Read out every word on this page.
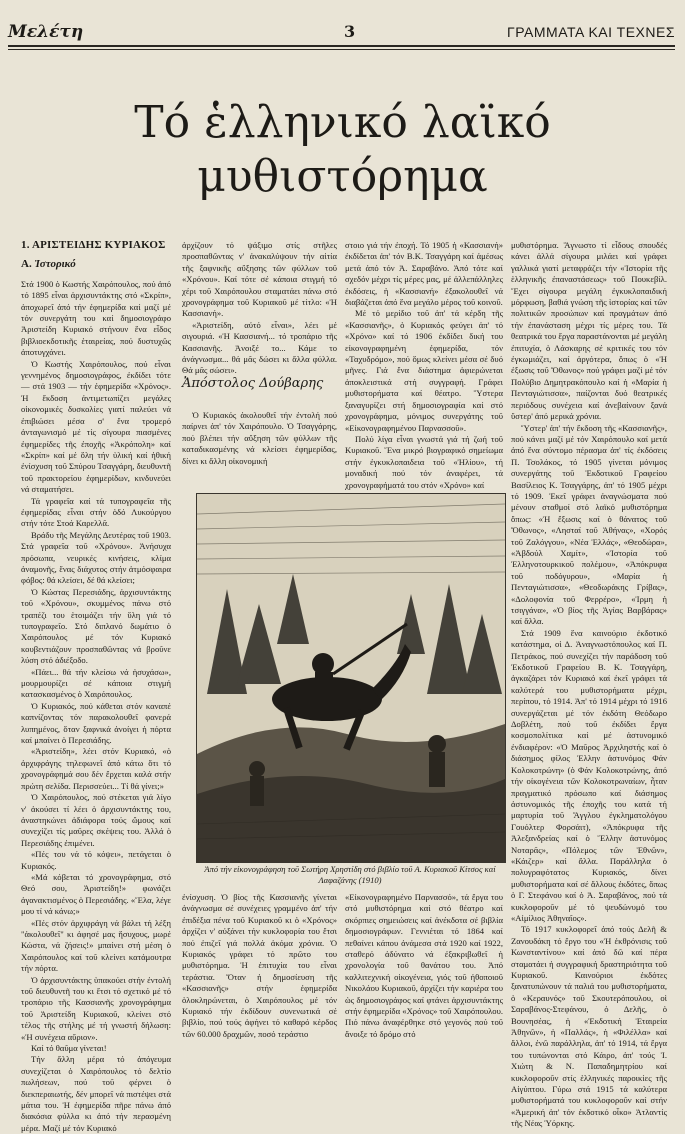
Μελέτη	3	ΓΡΑΜΜΑΤΑ ΚΑΙ ΤΕΧΝΕΣ
Τό ἑλληνικό λαϊκό
μυθιστόρημα
1. ΑΡΙΣΤΕΙΔΗΣ ΚΥΡΙΑΚΟΣ
Α. Ἱστορικό

Στά 1900 ὁ Κωστής Χαιρόπουλος, πού ἀπό τό 1895 εἶναι ἀρχισυντάκτης στό «Σκρίπ», ἀποχωρεῖ ἀπό τήν ἐφημερίδα καί μαζί μέ τόν συνεργάτη του καί δημοσιογράφο Ἀριστείδη Κυριακό στήνουν ἕνα εἶδος βιβλιοεκδοτικῆς ἑταιρείας, πού δυστυχῶς ἀποτυγχάνει.

Ὁ Κωστής Χαιρόπουλος, πού εἶναι γεννημένος δημοσιογράφος, ἐκδίδει τότε — στά 1903 — τήν ἐφημερίδα «Χρόνος». Ἡ ἔκδοση ἀντιμετωπίζει μεγάλες οἰκονομικές δυσκολίες γιατί παλεύει νά ἐπιβιώσει μέσα σ' ἕνα τρομερό ἀνταγωνισμό μέ τίς σίγουρα πιασμένες ἐφημερίδες τῆς ἐποχῆς «Ἀκρόπολη» καί «Σκρίπ» καί μέ ὅλη τήν ὑλική καί ἠθική ἐνίσχυση τοῦ Σπύρου Τσαγγάρη, διευθυντῆ τοῦ πρακτορείου ἐφημερίδων, κινδυνεύει νά σταματήσει.

Τά γραφεῖα καί τά τυπογραφεῖα τῆς ἐφημερίδας εἶναι στήν ὁδό Λυκούργου στήν τότε Στοά Καρελλᾶ.

Βράδυ τῆς Μεγάλης Δευτέρας τοῦ 1903. Στά γραφεῖα τοῦ «Χρόνου». Ἀνήσυχα πρόσωπα, νευρικές κινήσεις, κλίμα ἀναμονῆς, ἕνας διάχυτος στήν ἀτμόσφαιρα φόβος: θά κλείσει, δέ θά κλείσει;

Ὁ Κώστας Περεσιάδης, ἀρχισυντάκτης τοῦ «Χρόνου», σκυμμένος πάνω στό τραπέζι του ἑτοιμάζει τήν ὕλη γιά τό τυπογραφεῖο. Στό διπλανό δωμάτιο ὁ Χαιρόπουλος μέ τόν Κυριακό κουβεντιάζουν προσπαθῶντας νά βροῦνε λύση στό ἀδιέξοδο.

«Πάει... θά τήν κλείσω νά ἡσυχάσω», μουρμουρίζει σέ κάποια στιγμή κατασκασμένος ὁ Χαιρόπουλος.

Ὁ Κυριακός, πού κάθεται στόν καναπέ καπνίζοντας τόν παρακολουθεῖ φανερά λυπημένος, ὅταν ξαφνικά ἀνοίγει ἡ πόρτα καί μπαίνει ὁ Περεσιάδης.

«Ἀριστείδη», λέει στόν Κυριακό, «ὁ ἀρχιφράγης τηλεφωνεῖ ἀπό κάτω ὅτι τό χρονογράφημά σου δέν ἔρχεται καλά στήν πρώτη σελίδα. Περισσεύει... Τί θά γίνει;»

Ὁ Χαιρόπουλος, πού στέκεται γιά λίγο ν' ἀκούσει τί λέει ὁ ἀρχισυντάκτης του, ἀναστηκώνει ἀδιάφορα τούς ὤμους καί συνεχίζει τίς μαῦρες σκέψεις του. Ἀλλά ὁ Περεσιάδης ἐπιμένει.

«Πές του νά τό κόψει», πετάγεται ὁ Κυριακός.

«Μά κόβεται τό χρονογράφημα, στό Θεό σου, Ἀριστείδη!» φωνάζει ἀγανακτισμένος ὁ Περεσιάδης. «Ἔλα, λέγε μου τί νά κάνω;»

«Πές στόν ἀρχιφράγη νά βάλει τή λέξη "ἀκολουθεῖ" κι ἀφησέ μας ἥσυχους, μωρέ Κώστα, νά ζήσεις!» μπαίνει στή μέση ὁ Χαιρόπουλος καί τοῦ κλείνει κατάμουτρα τήν πόρτα.

Ὁ ἀρχισυντάκτης ὑπακούει στήν ἐντολή τοῦ διευθυντῆ του κι ἔτσι τό σχετικό μέ τό τροπάριο τῆς Κασσιανῆς χρονογράφημα τοῦ Ἀριστείδη Κυριακοῦ, κλείνει στό τέλος τῆς στήλης μέ τή γνωστή δήλωση: «Ἡ συνέχεια αὔριον».

Καί τό θαῦμα γίνεται!

Τήν ἄλλη μέρα τό ἀπόγευμα συνεχίζεται ὁ Χαιρόπουλος τό δελτίο πωλήσεων, πού τοῦ φέρνει ὁ διεκπεραιωτής, δέν μπορεῖ νά πιστέψει στά μάτια του. Ἡ ἐφημερίδα πῆρε πάνω ἀπό διακόσια φύλλα κι ἀπό τήν περασμένη μέρα. Μαζί μέ τόν Κυριακό

ἀρχίζουν τό ψάξιμο στίς στῆλες προσπαθῶντας ν' ἀνακαλύψουν τήν αἰτία τῆς ξαφνικῆς αὔξησης τῶν φύλλων τοῦ «Χρόνου». Καί τότε σέ κάποια στιγμή τό χέρι τοῦ Χαιρόπουλου σταματάει πάνω στό χρονογράφημα τοῦ Κυριακοῦ μέ τίτλο: «Ἡ Κασσιανή».

«Ἀριστείδη, αὐτό εἶναι», λέει μέ σιγουριά. «Ἡ Κασσιανή... τό τροπάριο τῆς Κασσιανῆς. Ἀνοιξέ το... Κάμε το ἀνάγνωσμα... θά μᾶς δώσει κι ἄλλα φύλλα. Θά μᾶς σώσει».

Ἀπόστολος Δούβαρης

στοιο γιά τήν ἐποχή. Τό 1905 ἡ «Κασσιανή» ἐκδίδεται ἀπ' τόν Β.Κ. Τσαγγάρη καί ἀμέσως μετά ἀπό τόν Ἀ. Σαραβάνο. Ἀπό τότε καί σχεδόν μέχρι τίς μέρες μας, μέ ἀλλεπάλληλες ἐκδόσεις, ἡ «Κασσιανή» ἐξακολουθεῖ νά διαβάζεται ἀπό ἕνα μεγάλο μέρος τοῦ κοινοῦ.

Μέ τό μερίδιο τοῦ ἀπ' τά κέρδη τῆς «Κασσιανῆς», ὁ Κυριακός φεύγει ἀπ' τό «Χρόνο» καί τό 1906 ἐκδίδει δική του εἰκονογραφημένη ἐφημερίδα, τόν «Ταχυδρόμο», πού ὅμως κλείνει μέσα σέ δυό μῆνες. Γιά ἕνα διάστημα ἀφιερώνεται ἀποκλειστικά στή συγγραφή. Γράφει μυθιστορήματα καί θέατρο. Ὕστερα ξαναγυρίζει στή δημοσιογραφία καί στό χρονογράφημα, μόνιμος συνεργάτης τοῦ «Εἰκονογραφημένου Παρνασσοῦ».

Πολύ λίγα εἶναι γνωστά γιά τή ζωή τοῦ Κυριακοῦ. Ἕνα μικρό βιογραφικό σημείωμα στήν ἐγκυκλοπαιδεια τοῦ «Ἡλίου», τή μοναδική πού τόν ἀναφέρει, τά χρονογραφήματά του στόν «Χρόνο» καί

Ὁ Κυριακός ἀκολουθεῖ τήν ἐντολή πού παίρνει ἀπ' τόν Χαιρόπουλο. Ὁ Τσαγγάρης, πού βλέπει τήν αὔξηση τῶν φύλλων τῆς καταδικασμένης νά κλείσει ἐφημερίδας, δίνει κι ἄλλη οἰκονομική

μυθιστόρημα. Ἄγνωστο τί εἶδους σπουδές κάνει ἀλλά σίγουρα μιλάει καί γράφει γαλλικά γιατί μεταφράζει τήν «Ἱστορία τῆς ἑλληνικῆς ἐπαναστάσεως» τοῦ Πουκεβίλ. Ἔχει σίγουρα μεγάλη ἐγκυκλοπαιδική μόρφωση, βαθιά γνώση τῆς ἱστορίας καί τῶν πολιτικῶν προσώπων καί πραγμάτων ἀπό τήν ἐπανάσταση μέχρι τίς μέρες του. Τά θεατρικά του ἔργα παραστάνονται μέ μεγάλη ἐπιτυχία, ὁ Λάσκαρης σέ κριτικές του τόν ἐγκωμιάζει, καί ἀργότερα, ὅπως ὁ «Ἡ ἐξωσις τοῦ Ὄθωνος» πού γράφει μαζί μέ τόν Πολύβιο Δημητρακόπουλο καί ἡ «Μαρία ἡ Πενταγιώτισσα», παίζονται δυό θεατρικές περιόδους συνέχεια καί ἀνεβαίνουν ξανά ὕστερ' ἀπό μερικά χρόνια.

Ὕστερ' ἀπ' τήν ἔκδοση τῆς «Κασσιανῆς», πού κάνει μαζί μέ τόν Χαιρόπουλο καί μετά ἀπό ἕνα σύντομο πέρασμα ἀπ' τίς ἐκδόσεις Π. Τσολάκος, τό 1905 γίνεται μόνιμος συνεργάτης τοῦ Ἐκδοτικοῦ Γραφείου Βασίλειος Κ. Τσαγγάρης, ἀπ' τό 1905 μέχρι τό 1909. Ἐκεῖ γράφει ἀναγνώσματα πού μένουν σταθμοί στό λαϊκό μυθιστόρημα ὅπως: «Ἡ ἔξωσις καί ὁ θάνατος τοῦ Ὄθωνος», «Λησταί τοῦ Ἀθήνας», «Χορός τοῦ Ζαλόγγου», «Νέα Ἑλλάς», «Θεοδώρα», «Ἀβδούλ Χαμίτ», «Ἱστορία τοῦ Ἑλληνοτουρκικοῦ πολέμου», «Ἀπόκρυφα τοῦ ποδόγυρου», «Μαρία ἡ Πενταγιώτισσα», «Θεοδωράκης Γρίβας», «Δολοφονία τοῦ Φερρέρο», «Ἱρμη ἡ τσιγγάνα», «Ὁ βίος τῆς Ἁγίας Βαρβάρας» καί ἄλλα.

Στά 1909 ἕνα καινούριο ἐκδοτικό κατάστημα, οἱ Δ. Ἀναγνωστόπουλος καί Π. Πετράκος, πού συνεχίζει τήν παράδοση τοῦ Ἐκδοτικοῦ Γραφείου Β. Κ. Τσαγγάρη, ἀγκαζάρει τόν Κυριακό καί ἐκεῖ γράφει τά καλύτερά του μυθιστορήματα μέχρι, περίπου, τό 1914. Ἀπ' τό 1914 μέχρι τό 1916 συνεργάζεται μέ τόν ἐκδότη Θεόδωρο Δοβλέτη, πού τοῦ ἐκδίδει ἔργα κοσμοπολίτικα καί μέ ἀστυνομικό ἐνδιαφέρον: «Ὁ Μαῦρος Ἀρχιληστής καί ὁ διάσημος φίλος Ἑλλην ἀστυνόμος Φάν Κολοκοτρώνη» (ὁ Φάν Κολοκοτρώνης, ἀπό τήν οἰκογένεια τῶν Κολοκοτρωναίων, ἦταν πραγματικό πρόσωπο καί διάσημος ἀστυνομικός τῆς ἐποχῆς του κατά τή μαρτυρία τοῦ Ἄγγλου ἐγκληματολόγου Γουόλτερ Φορσάιτ), «Ἀπόκρυφα τῆς Ἀλεξανδρείας καί ὁ Ἕλλην ἀστυνόμος Νοταρᾶς», «Πόλεμος τῶν Ἐθνῶν», «Κάιζερ» καί ἄλλα. Παράλληλα ὁ πολυγραφότατος Κυριακός, δίνει μυθιστορήματα καί σέ ἄλλους ἐκδότες, ὅπως ὁ Γ. Στεφάνου καί ὁ Ἀ. Σαραβάνος, πού τά κυκλοφοροῦν μέ τό ψευδώνυμό του «Αἰμίλιος Ἀθηναῖος».

Τό 1917 κυκλοφορεῖ ἀπό τούς Δελῆ & Ζανουδάκη τό ἔργο του «Ἡ ἐκθρόνισις τοῦ Κωνσταντίνου» καί ἀπό δῶ καί πέρα σταματάει ἡ συγγραφική δραστηριότητα τοῦ Κυριακοῦ. Καινούριοι ἐκδότες ξανατυπώνουν τά παλιά του μυθιστορήματα, ὁ «Κεραυνός» τοῦ Σκουτερόπουλου, οἱ Σαραβάνος-Στεφάνου, ὁ Δελῆς, ὁ Βουνησέας, ἡ «Ἐκδοτική Ἑταιρεία Ἀθηνῶν», ἡ «Παλλάς», ἡ «Φιλέλλα» καί ἄλλοι, ἐνῶ παράλληλα, ἀπ' τό 1914, τά ἔργα του τυπώνονται στό Κάιρο, ἀπ' τούς Ἰ. Χιώτη & Ν. Παπαδημητρίου καί κυκλοφοροῦν στίς ἑλληνικές παροικίες τῆς Αἰγύπτου. Γύρω στά 1915 τά καλύτερα μυθιστορήματά του κυκλοφοροῦν καί στήν «Ἀμερική ἀπ' τόν ἐκδοτικό οἶκο» Ἀτλαντίς τῆς Νέας Ὑόρκης.

Ἀπό τήν εἰκονογράφηση τοῦ Σωτήρη Χρηστίδη στό βιβλίο τοῦ Α. Κυριακοῦ Κίτσος καί Λαφαζάνης (1910)

ἐνίσχυση. Ὁ βίος τῆς Κασσιανῆς γίνεται ἀνάγνωσμα σέ συνέχειες γραμμένο ἀπ' τήν ἐπιδέξια πένα τοῦ Κυριακοῦ κι ὁ «Χρόνος» ἀρχίζει ν' αὐξάνει τήν κυκλοφορία του ἔτσι πού ἐπιζεῖ γιά πολλά ἀκόμα χρόνια. Ὁ Κυριακός γράφει τό πρῶτο του μυθιστόρημα. Ἡ ἐπιτυχία του εἶναι τεράστια. Ὅταν ἡ δημοσίευση τῆς «Κασσιανῆς» στήν ἐφημερίδα ὁλοκληρώνεται, ὁ Χαιρόπουλος μέ τόν Κυριακό τήν ἐκδίδουν συνενωτικά σέ βιβλίο, πού τούς ἀφήνει τό καθαρό κέρδος τῶν 60.000 δραχμῶν, ποσό τεράστιο

«Εἰκονογραφημένο Παρνασσό», τά ἔργα του στό μυθιστόρημα καί στό θέατρο καί σκόρπιες σημειώσεις καί ἀνέκδοτα σέ βιβλία δημοσιογράφων. Γεννιέται τό 1864 καί πεθαίνει κάπου ἀνάμεσα στά 1920 καί 1922, σταθερό ἀδύνατο νά ἐξακριβωθεῖ ἡ χρονολογία τοῦ θανάτου του. Ἀπό καλλιτεχνική οἰκογένεια, γιός τοῦ ἠθοποιοῦ Νικολάου Κυριακοῦ, ἀρχίζει τήν καριέρα του ὡς δημοσιογράφος καί φτάνει ἀρχισυντάκτης στήν ἐφημερίδα «Χρόνος» τοῦ Χαιρόπουλου. Πιό πάνω ἀναφέρθηκε στό γεγονός πού τοῦ ἄνοιξε τό δρόμο στό
